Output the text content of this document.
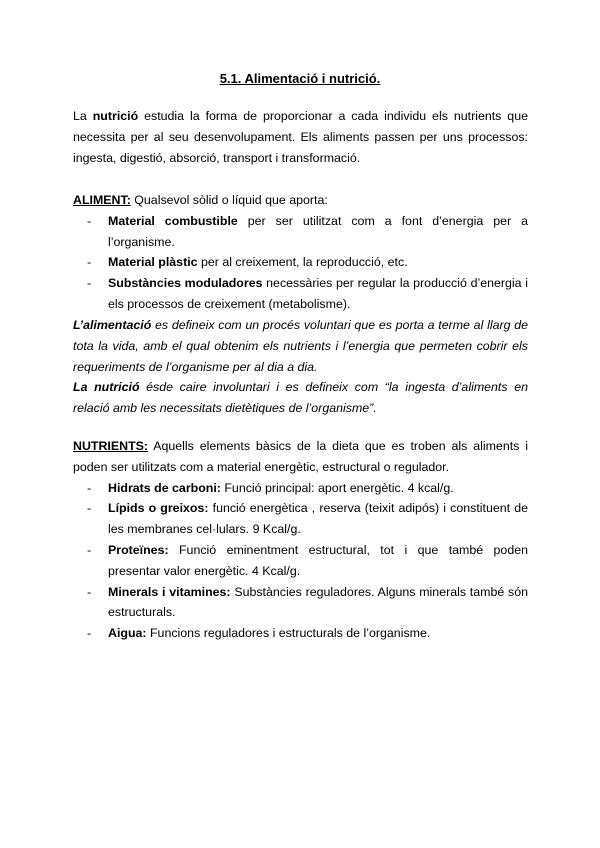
5.1. Alimentació i nutrició.
La nutrició estudia la forma de proporcionar a cada individu els nutrients que necessita per al seu desenvolupament. Els aliments passen per uns processos: ingesta, digestió, absorció, transport i transformació.
ALIMENT: Qualsevol sòlid o líquid que aporta:
- Material combustible per ser utilitzat com a font d’energia per a l’organisme.
- Material plàstic per al creixement, la reproducció, etc.
- Substàncies moduladores necessàries per regular la producció d’energia i els processos de creixement (metabolisme).
L’alimentació es defineix com un procés voluntari que es porta a terme al llarg de tota la vida, amb el qual obtenim els nutrients i l’energia que permeten cobrir els requeriments de l’organisme per al dia a dia.
La nutrició ésde caire involuntari i es defineix com “la ingesta d’aliments en relació amb les necessitats dietètiques de l’organisme”.
NUTRIENTS: Aquells elements bàsics de la dieta que es troben als aliments i poden ser utilitzats com a material energètic, estructural o regulador.
- Hidrats de carboni: Funció principal: aport energètic. 4 kcal/g.
- Lípids o greixos: funció energètica , reserva (teixit adipós) i constituent de les membranes cel·lulars. 9 Kcal/g.
- Proteïnes: Funció eminentment estructural, tot i que també poden presentar valor energètic. 4 Kcal/g.
- Minerals i vitamines: Substàncies reguladores. Alguns minerals també són estructurals.
- Aigua: Funcions reguladores i estructurals de l’organisme.
